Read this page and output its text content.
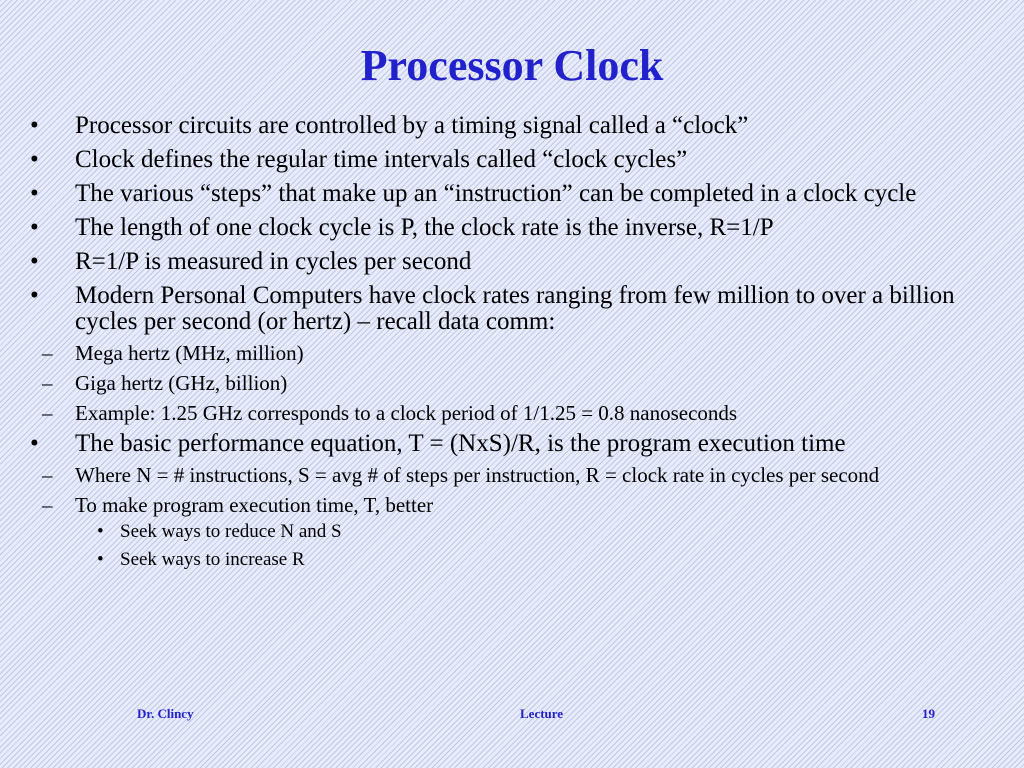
Processor Clock
•	Processor circuits are controlled by a timing signal called a “clock”
•	Clock defines the regular time intervals called “clock cycles”
•	The various “steps” that make up an “instruction” can be completed in a clock cycle
•	The length of one clock cycle is P, the clock rate is the inverse, R=1/P
•	R=1/P is measured in cycles per second
•	Modern Personal Computers have clock rates ranging from few million to over a billion cycles per second (or hertz) – recall data comm:
– Mega hertz (MHz, million)
– Giga hertz (GHz, billion)
– Example: 1.25 GHz corresponds to a clock period of 1/1.25 = 0.8 nanoseconds
•	The basic performance equation, T = (NxS)/R, is the program execution time
– Where N = # instructions, S = avg # of steps per instruction, R = clock rate in cycles per second
– To make program execution time, T, better
• Seek ways to reduce N and S
• Seek ways to increase R
Dr. Clincy	Lecture	19
